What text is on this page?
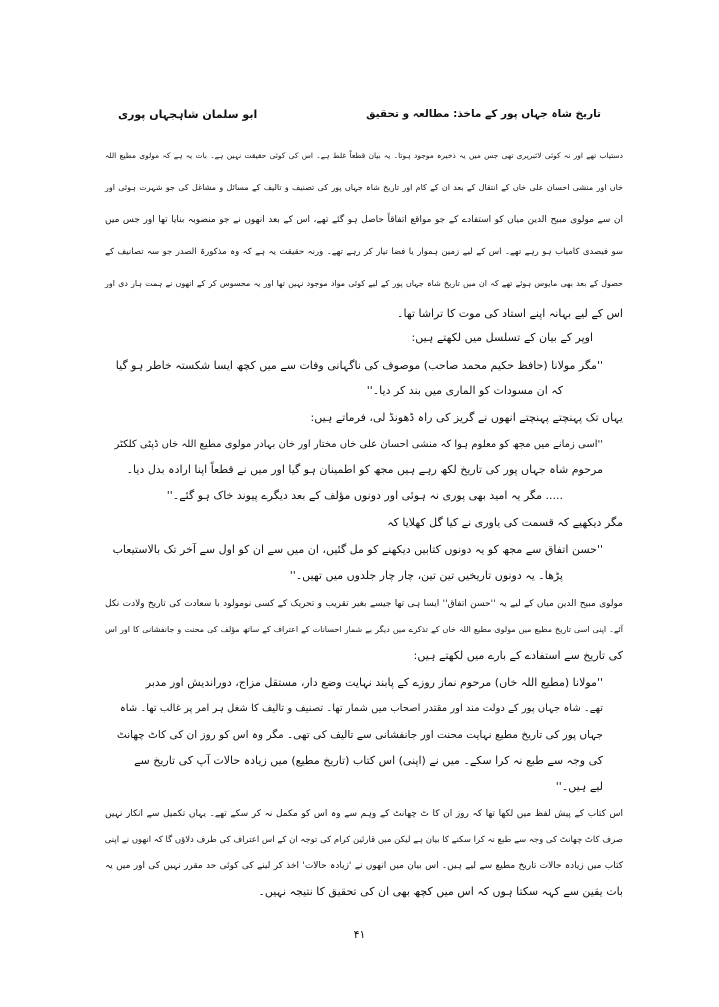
تاریخ شاہ جہاں پور کے ماخذ: مطالعہ و تحقیق
ابو سلمان شاہجہاں پوری
دستیاب تھے اور نہ کوئی لائبریری تھی جس میں یہ ذخیرہ موجود ہوتا۔ یہ بیان قطعاً غلط ہے۔ اس کی کوئی حقیقت نہیں ہے۔ بات یہ ہے کہ مولوی مطیع اللہ
خاں اور منشی احسان علی خاں کے انتقال کے بعد ان کے کام اور تاریخ شاہ جہاں پور کی تصنیف و تالیف کے مسائل و مشاغل کی جو شہرت ہوئی اور
ان سے مولوی مبیح الدین میاں کو استفادے کے جو مواقع اتفاقاً حاصل ہو گئے تھے، اس کے بعد انھوں نے جو منصوبہ بنایا تھا اور جس میں
سو فیصدی کامیاب ہو رہے تھے۔ اس کے لیے زمین ہموار یا فضا تیار کر رہے تھے۔ ورنہ حقیقت یہ ہے کہ وہ مذکورۃ الصدر جو سہ تصانیف کے
حصول کے بعد بھی مایوس ہوئے تھے کہ ان میں تاریخ شاہ جہاں پور کے لیے کوئی مواد موجود نہیں تھا اور یہ محسوس کر کے انھوں نے ہمت ہار دی اور
اس کے لیے بہانہ اپنے استاد کی موت کا تراشا تھا۔
اوپر کے بیان کے تسلسل میں لکھتے ہیں:
''مگر مولانا (حافظ حکیم محمد صاحب) موصوف کی ناگہانی وفات سے میں کچھ ایسا شکستہ خاطر ہو گیا
کہ ان مسودات کو الماری میں بند کر دیا۔''
یہاں تک پہنچتے پہنچتے انھوں نے گریز کی راہ ڈھونڈ لی، فرماتے ہیں:
''اسی زمانے میں مجھ کو معلوم ہوا کہ منشی احسان علی خاں مختار اور خان بہادر مولوی مطیع اللہ خاں ڈپٹی کلکٹر
مرحوم شاہ جہاں پور کی تاریخ لکھ رہے ہیں مجھ کو اطمینان ہو گیا اور میں نے قطعاً اپنا ارادہ بدل دیا۔
..... مگر یہ امید بھی پوری نہ ہوئی اور دونوں مؤلف کے بعد دیگرے پیوند خاک ہو گئے۔''
مگر دیکھیے کہ قسمت کی یاوری نے کیا گل کھلایا کہ
''حسن اتفاق سے مجھ کو یہ دونوں کتابیں دیکھنے کو مل گئیں، ان میں سے ان کو اول سے آخر تک بالاستیعاب
پڑھا۔ یہ دونوں تاریخیں تین تین، چار چار جلدوں میں تھیں۔''
مولوی مبیح الدین میاں کے لیے یہ ''حسن اتفاق'' ایسا ہی تھا جیسے بغیر تقریب و تحریک کے کسی نومولود با سعادت کی تاریخ ولادت نکل
آئے۔ اپنی اسی تاریخ مطیع میں مولوی مطیع اللہ خاں کے تذکرے میں دیگر بے شمار احسانات کے اعتراف کے ساتھ مؤلف کی محنت و جانفشانی کا اور اس
کی تاریخ سے استفادے کے بارے میں لکھتے ہیں:
''مولانا (مطیع اللہ خاں) مرحوم نماز روزے کے پابند نہایت وضع دار، مستقل مزاج، دوراندیش اور مدبر
تھے۔ شاہ جہاں پور کے دولت مند اور مقتدر اصحاب میں شمار تھا۔ تصنیف و تالیف کا شغل ہر امر پر غالب تھا۔ شاہ
جہاں پور کی تاریخ مطیع نہایت محنت اور جانفشانی سے تالیف کی تھی۔ مگر وہ اس کو روز ان کی کاٹ چھانٹ
کی وجہ سے طبع نہ کرا سکے۔ میں نے (اپنی) اس کتاب (تاریخ مطیع) میں زیادہ حالات آپ کی تاریخ سے
لیے ہیں۔''
اس کتاب کے پیش لفظ میں لکھا تھا کہ روز ان کا ٹ چھانٹ کے وہم سے وہ اس کو مکمل نہ کر سکے تھے۔ یہاں تکمیل سے انکار نہیں
صرف کاٹ چھانٹ کی وجہ سے طبع نہ کرا سکنے کا بیان ہے لیکن میں قارئین کرام کی توجہ ان کے اس اعتراف کی طرف دلاؤں گا کہ انھوں نے اپنی
کتاب میں زیادہ حالات تاریخ مطیع سے لیے ہیں۔ اس بیان میں انھوں نے 'زیادہ حالات' اخذ کر لینے کی کوئی حد مقرر نہیں کی اور میں یہ
بات یقین سے کہہ سکتا ہوں کہ اس میں کچھ بھی ان کی تحقیق کا نتیجہ نہیں۔
۴۱
